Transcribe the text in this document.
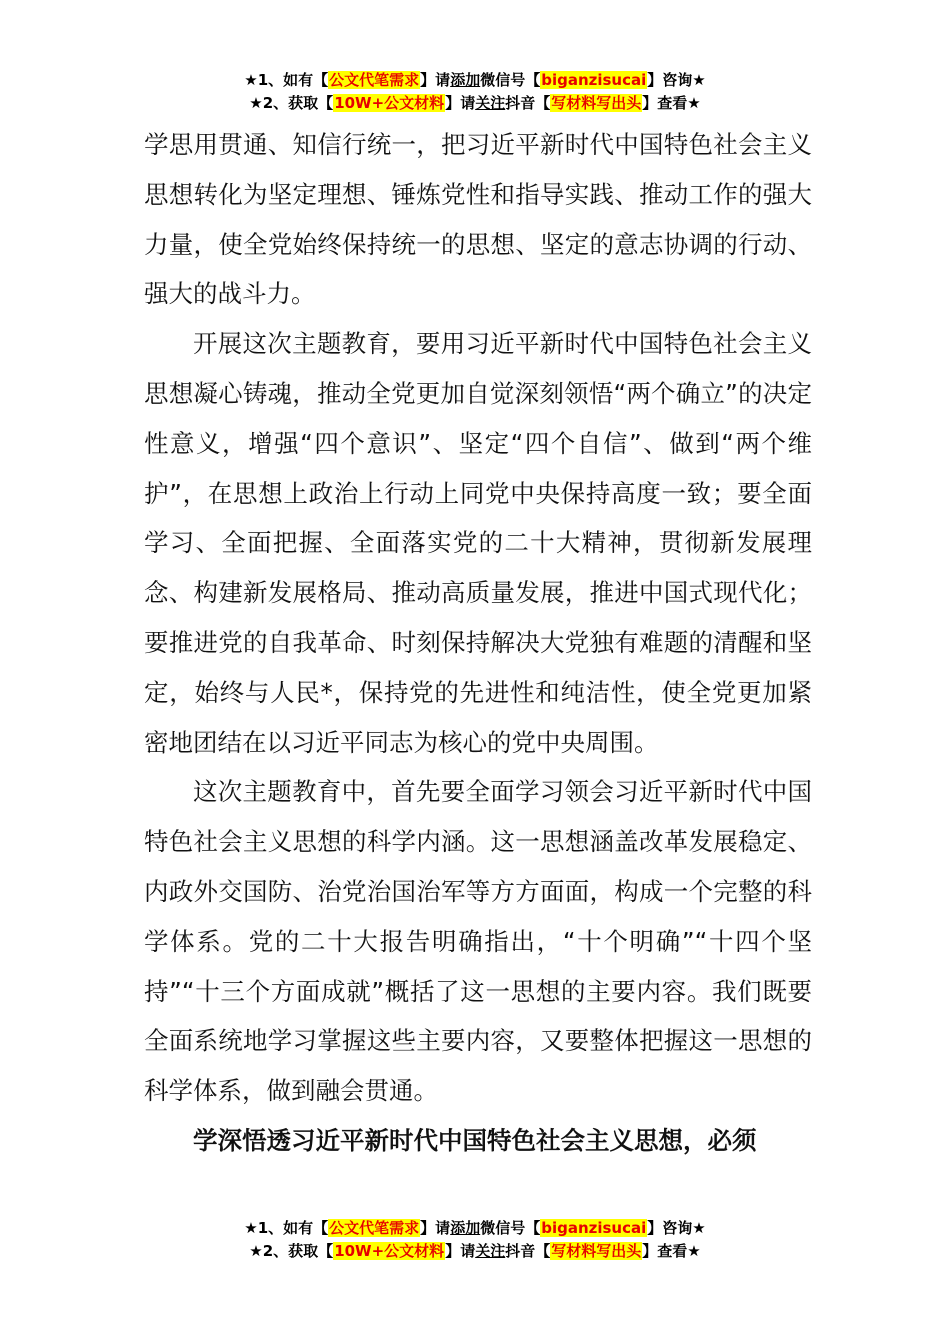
★1、如有【公文代笔需求】请添加微信号【biganzisucai】咨询★
★2、获取【10W+公文材料】请关注抖音【写材料写出头】查看★

学思用贯通、知信行统一，把习近平新时代中国特色社会主义思想转化为坚定理想、锤炼党性和指导实践、推动工作的强大力量，使全党始终保持统一的思想、坚定的意志协调的行动、强大的战斗力。

开展这次主题教育，要用习近平新时代中国特色社会主义思想凝心铸魂，推动全党更加自觉深刻领悟“两个确立”的决定性意义，增强“四个意识”、坚定“四个自信”、做到“两个维护”，在思想上政治上行动上同党中央保持高度一致；要全面学习、全面把握、全面落实党的二十大精神，贯彻新发展理念、构建新发展格局、推动高质量发展，推进中国式现代化；要推进党的自我革命、时刻保持解决大党独有难题的清醒和坚定，始终与人民*，保持党的先进性和纯洁性，使全党更加紧密地团结在以习近平同志为核心的党中央周围。

这次主题教育中，首先要全面学习领会习近平新时代中国特色社会主义思想的科学内涵。这一思想涵盖改革发展稳定、内政外交国防、治党治国治军等方方面面，构成一个完整的科学体系。党的二十大报告明确指出，“十个明确”“十四个坚持”“十三个方面成就”概括了这一思想的主要内容。我们既要全面系统地学习掌握这些主要内容，又要整体把握这一思想的科学体系，做到融会贯通。

学深悟透习近平新时代中国特色社会主义思想，必须

★1、如有【公文代笔需求】请添加微信号【biganzisucai】咨询★
★2、获取【10W+公文材料】请关注抖音【写材料写出头】查看★
